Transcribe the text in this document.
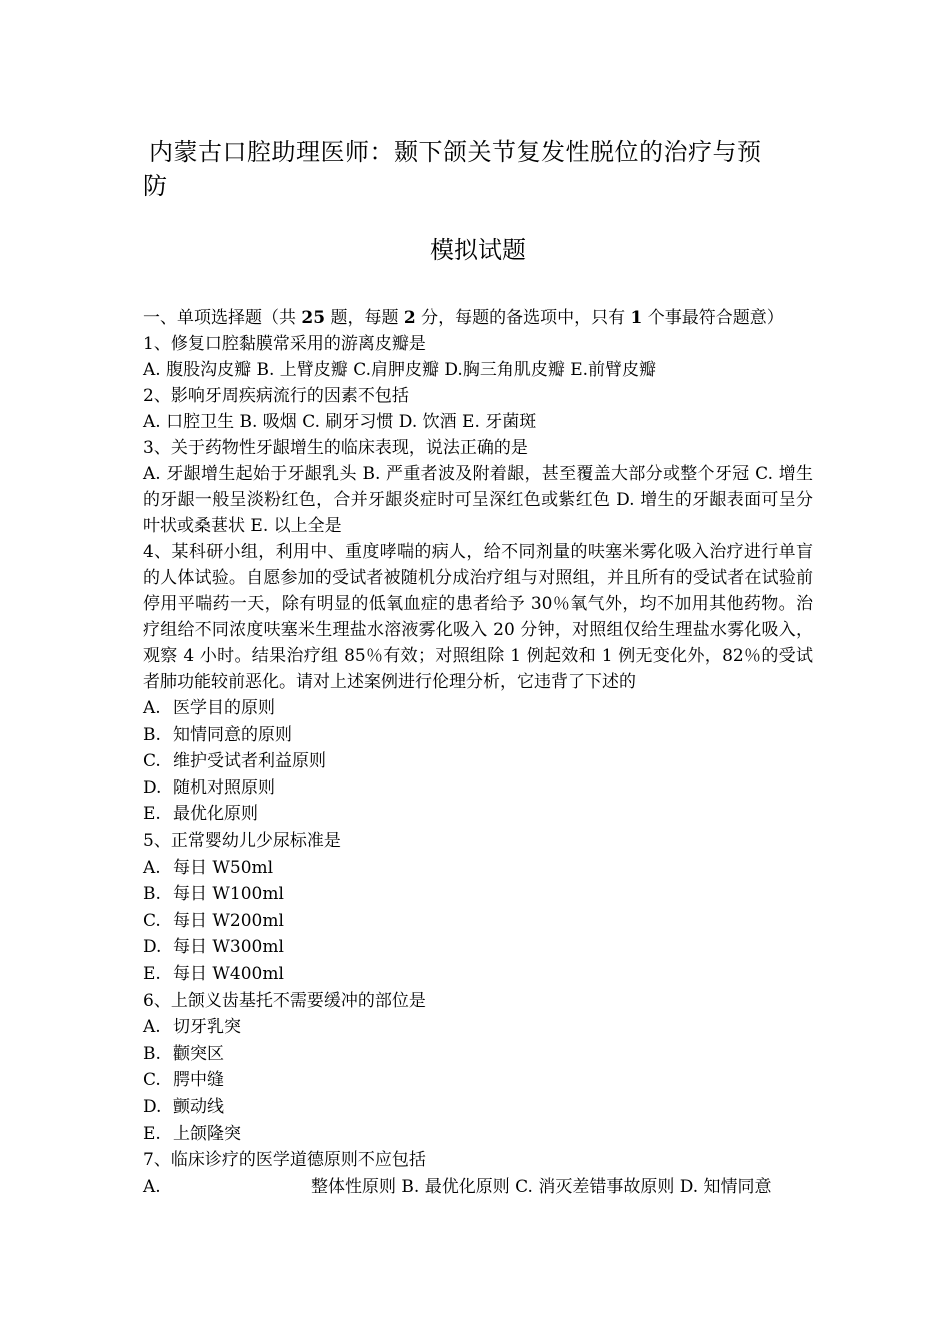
内蒙古口腔助理医师：颞下颌关节复发性脱位的治疗与预
防
模拟试题
一、单项选择题（共 25 题，每题 2 分，每题的备选项中，只有 1 个事最符合题意）
1、修复口腔黏膜常采用的游离皮瓣是
A. 腹股沟皮瓣 B. 上臂皮瓣 C.肩胛皮瓣 D.胸三角肌皮瓣 E.前臂皮瓣
2、影响牙周疾病流行的因素不包括
A. 口腔卫生 B. 吸烟 C. 刷牙习惯 D. 饮酒 E. 牙菌斑
3、关于药物性牙龈增生的临床表现，说法正确的是
A. 牙龈增生起始于牙龈乳头 B. 严重者波及附着龈，甚至覆盖大部分或整个牙冠 C. 增生的牙龈一般呈淡粉红色，合并牙龈炎症时可呈深红色或紫红色 D. 增生的牙龈表面可呈分叶状或桑葚状 E. 以上全是
4、某科研小组，利用中、重度哮喘的病人，给不同剂量的呋塞米雾化吸入治疗进行单盲的人体试验。自愿参加的受试者被随机分成治疗组与对照组，并且所有的受试者在试验前停用平喘药一天，除有明显的低氧血症的患者给予 30％氧气外，均不加用其他药物。治疗组给不同浓度呋塞米生理盐水溶液雾化吸入 20 分钟，对照组仅给生理盐水雾化吸入，观察 4 小时。结果治疗组 85％有效；对照组除 1 例起效和 1 例无变化外，82％的受试者肺功能较前恶化。请对上述案例进行伦理分析，它违背了下述的
A. 医学目的原则
B. 知情同意的原则
C. 维护受试者利益原则
D. 随机对照原则
E. 最优化原则
5、正常婴幼儿少尿标准是
A. 每日 W50ml
B. 每日 W100ml
C. 每日 W200ml
D. 每日 W300ml
E. 每日 W400ml
6、上颌义齿基托不需要缓冲的部位是
A. 切牙乳突
B. 颧突区
C. 腭中缝
D. 颤动线
E. 上颌隆突
7、临床诊疗的医学道德原则不应包括
A.	整体性原则 B. 最优化原则 C. 消灭差错事故原则 D. 知情同意
